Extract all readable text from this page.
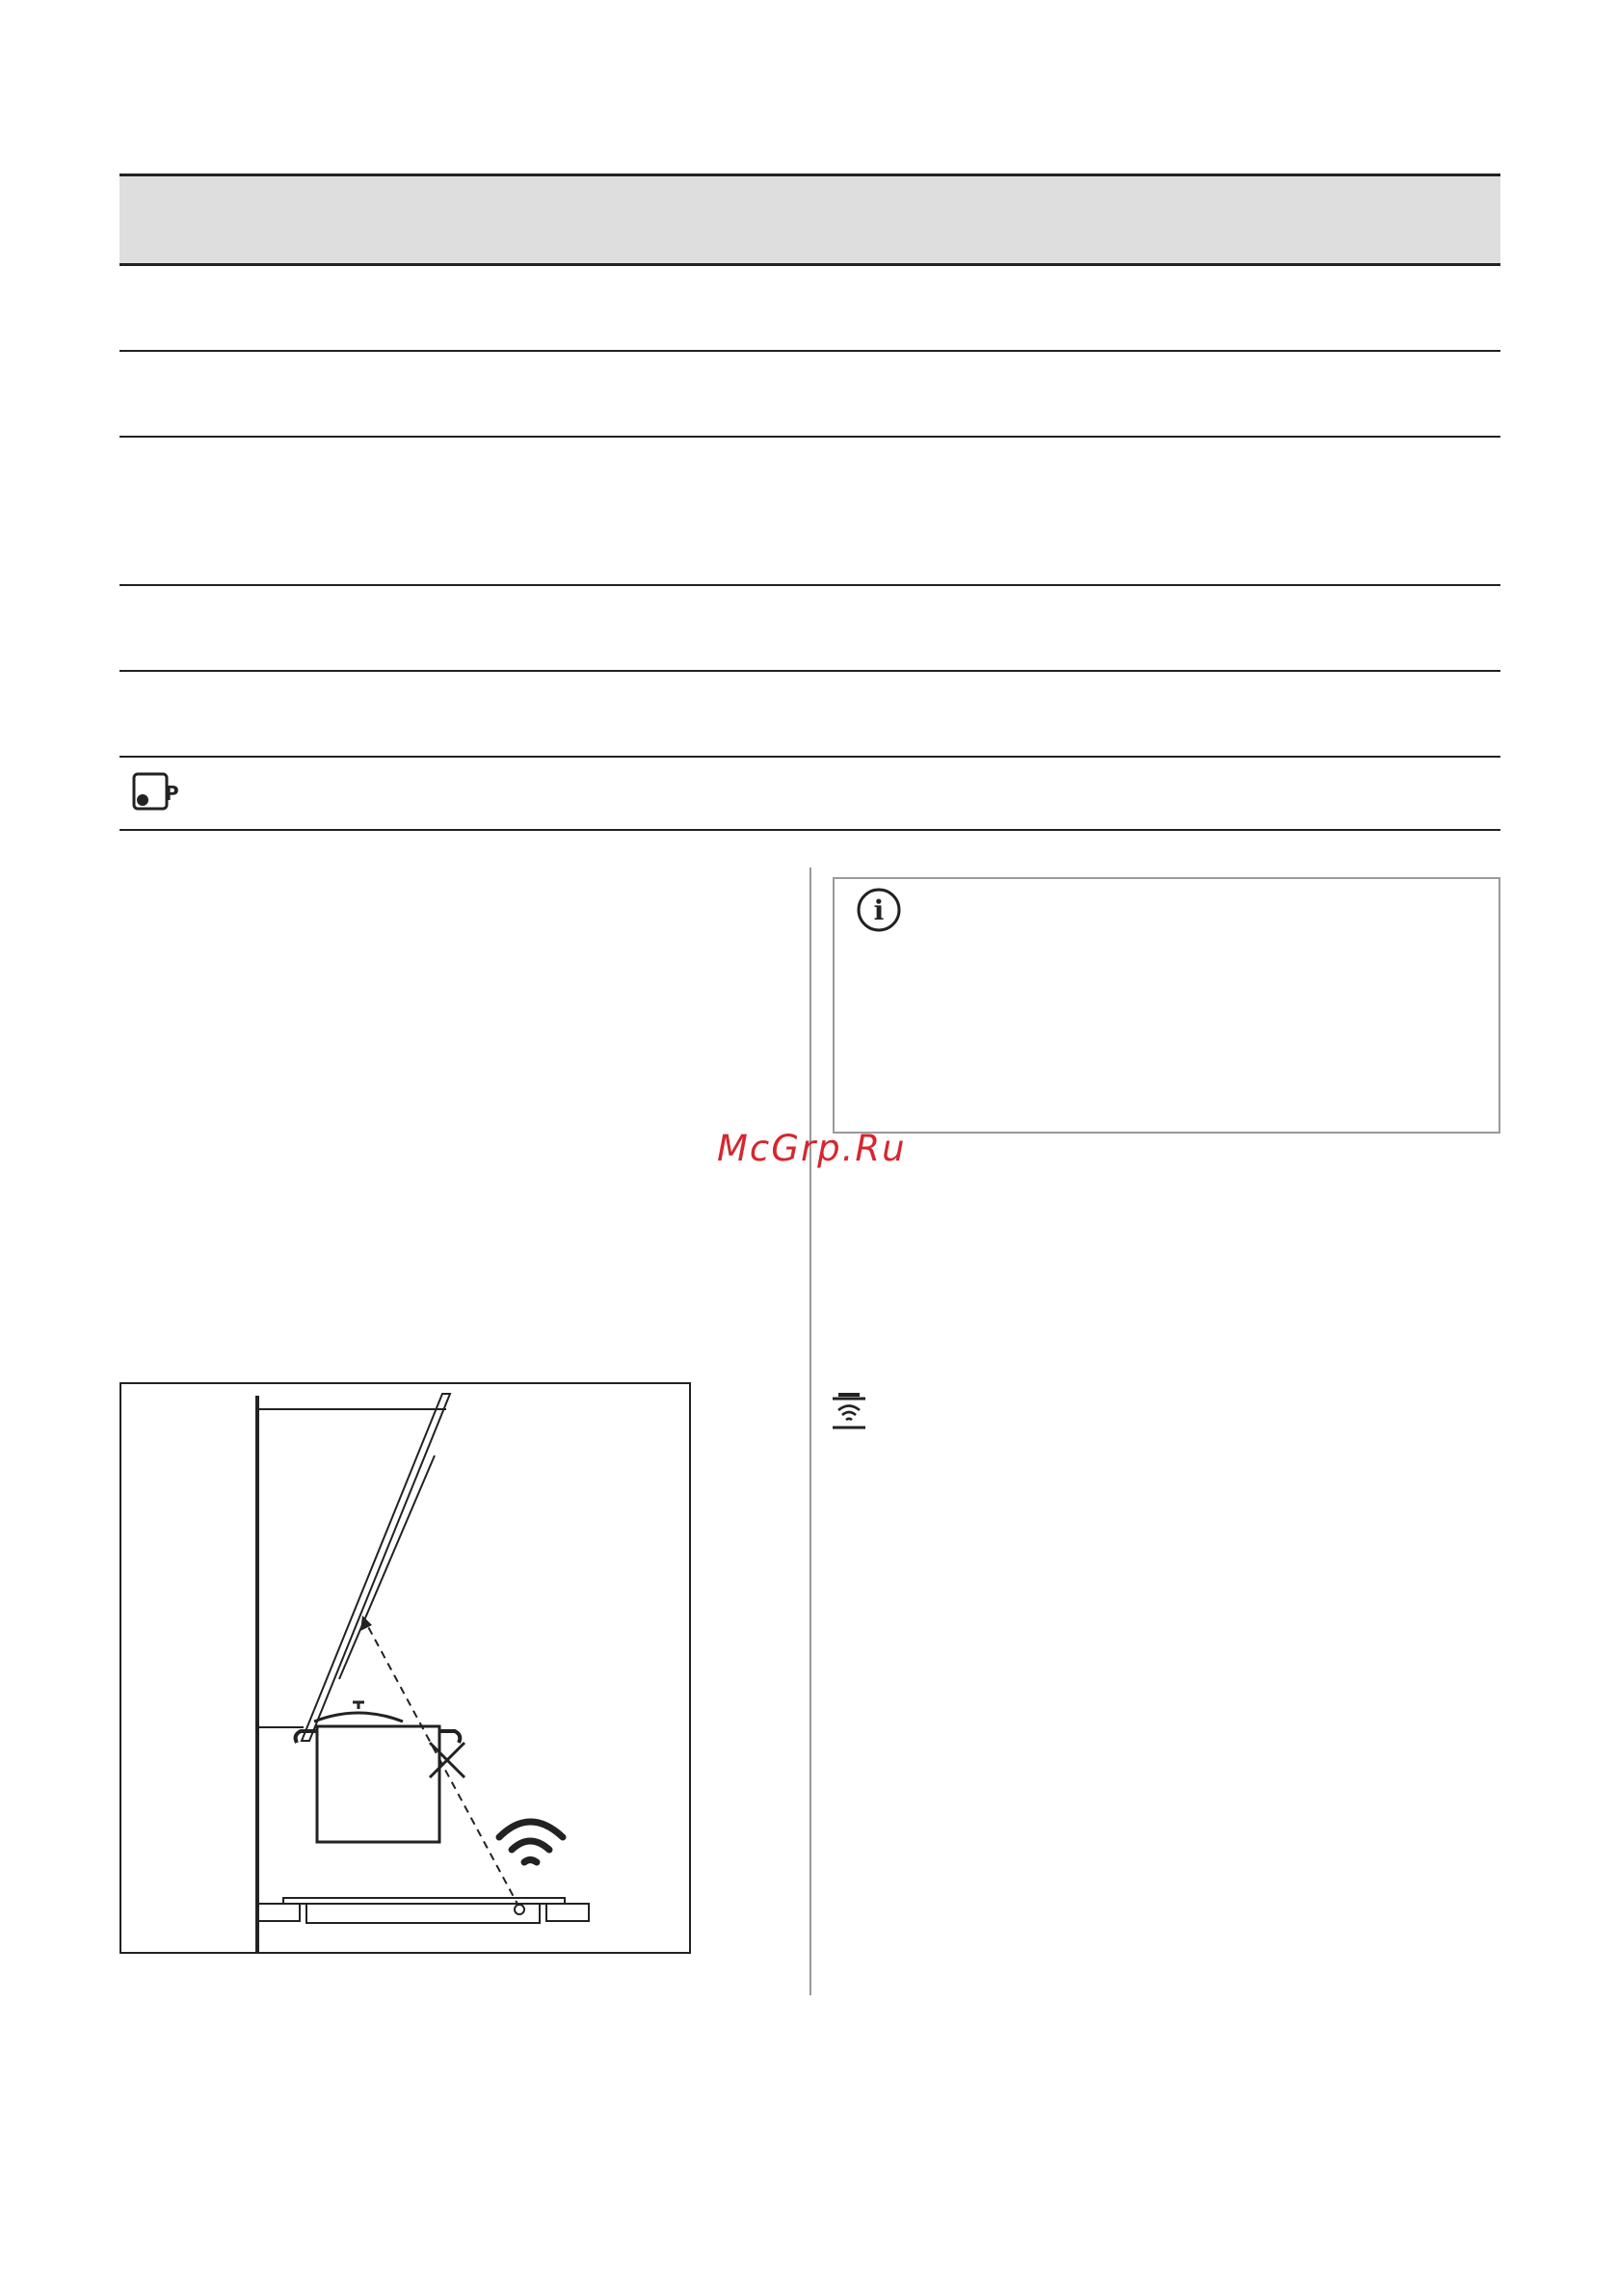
P
i
McGrp.Ru
